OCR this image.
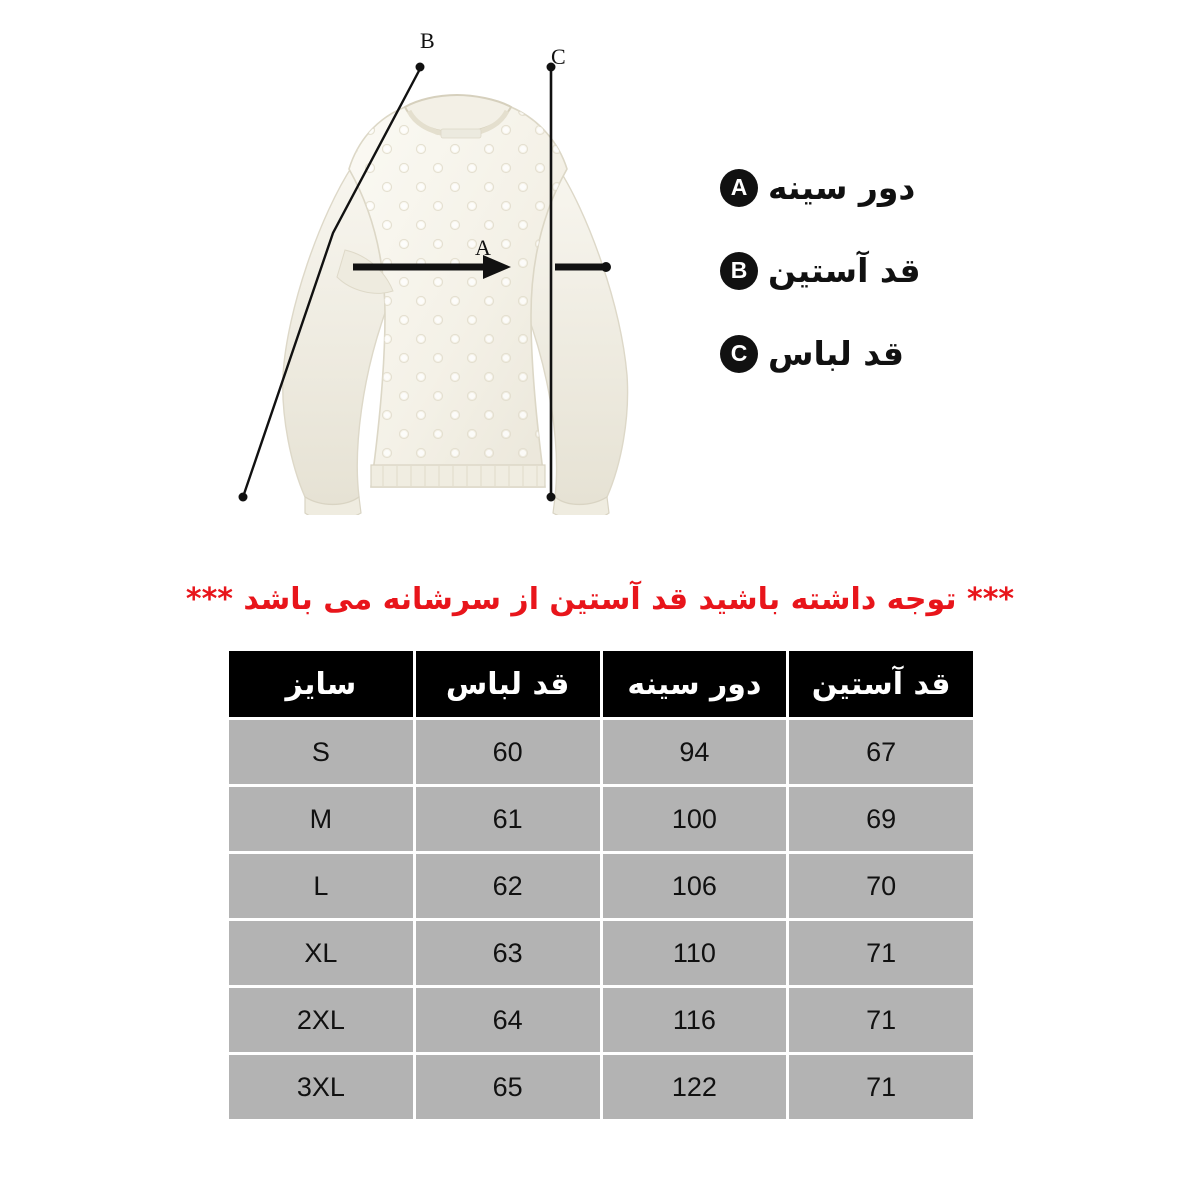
B
C
A
دور سینه
A
قد آستین
B
قد لباس
C
*** توجه داشته باشید قد آستین از سرشانه می باشد ***
قد آستین	دور سینه	قد لباس	سایز
67	94	60	S
69	100	61	M
70	106	62	L
71	110	63	XL
71	116	64	2XL
71	122	65	3XL
